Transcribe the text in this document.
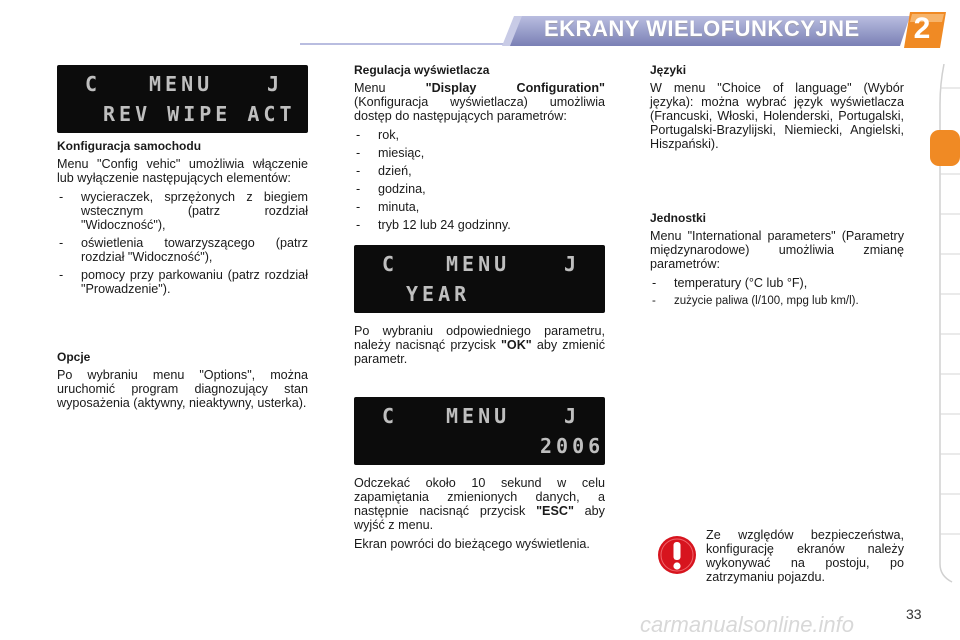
EKRANY WIELOFUNKCYJNE	2
C MENU	J
REV WIPE ACT
Konfiguracja samochodu

Menu "Config vehic" umożliwia włączenie lub wyłączenie następujących elementów:

- wycieraczek, sprzężonych z biegiem wstecznym (patrz rozdział "Widoczność"),
- oświetlenia towarzyszącego (patrz rozdział "Widoczność"),
- pomocy przy parkowaniu (patrz rozdział "Prowadzenie").
Opcje

Po wybraniu menu "Options", można uruchomić program diagnozujący stan wyposażenia (aktywny, nieaktywny, usterka).

Regulacja wyświetlacza

Menu "Display Configuration" (Konfiguracja wyświetlacza) umożliwia dostęp do następujących parametrów:

- rok,
- miesiąc,
- dzień,
- godzina,
- minuta,
- tryb 12 lub 24 godzinny.
C MENU	J
YEAR

Po wybraniu odpowiedniego parametru, należy nacisnąć przycisk "OK" aby zmienić parametr.

C MENU	J
2006

Odczekać około 10 sekund w celu zapamiętania zmienionych danych, a następnie nacisnąć przycisk "ESC" aby wyjść z menu.

Ekran powróci do bieżącego wyświetlenia.

Języki

W menu "Choice of language" (Wybór języka): można wybrać język wyświetlacza (Francuski, Włoski, Holenderski, Portugalski, Portugalski-Brazylijski, Niemiecki, Angielski, Hiszpański).

Jednostki

Menu "International parameters" (Parametry międzynarodowe) umożliwia zmianę parametrów:

- temperatury (°C lub °F),
- zużycie paliwa (l/100, mpg lub km/l).
Ze względów bezpieczeństwa, konfigurację ekranów należy wykonywać na postoju, po zatrzymaniu pojazdu.
33
carmanualsonline.info
